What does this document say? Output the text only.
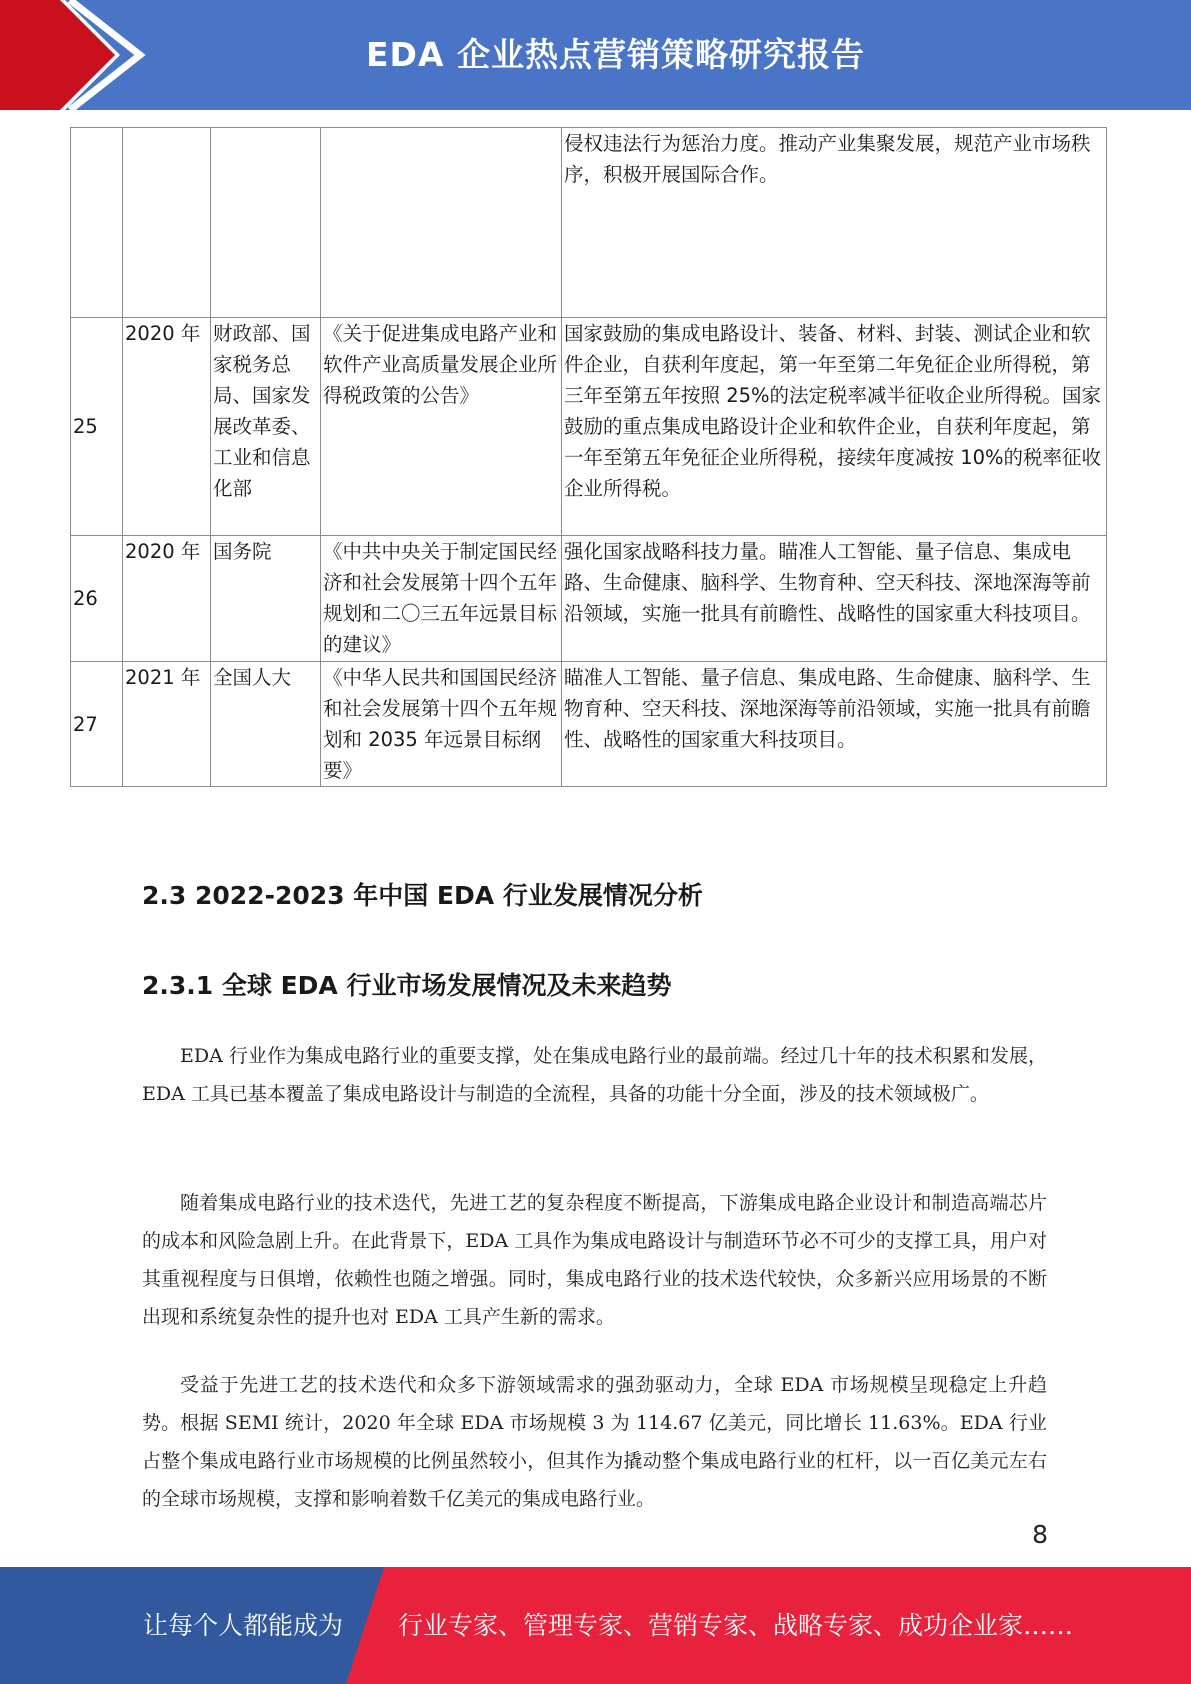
EDA 企业热点营销策略研究报告
				侵权违法行为惩治力度。推动产业集聚发展，规范产业市场秩序，积极开展国际合作。
25	2020 年	财政部、国家税务总局、国家发展改革委、工业和信息化部	《关于促进集成电路产业和软件产业高质量发展企业所得税政策的公告》	国家鼓励的集成电路设计、装备、材料、封装、测试企业和软件企业，自获利年度起，第一年至第二年免征企业所得税，第三年至第五年按照 25%的法定税率减半征收企业所得税。国家鼓励的重点集成电路设计企业和软件企业，自获利年度起，第一年至第五年免征企业所得税，接续年度减按 10%的税率征收企业所得税。
26	2020 年	国务院	《中共中央关于制定国民经济和社会发展第十四个五年规划和二〇三五年远景目标的建议》	强化国家战略科技力量。瞄准人工智能、量子信息、集成电路、生命健康、脑科学、生物育种、空天科技、深地深海等前沿领域，实施一批具有前瞻性、战略性的国家重大科技项目。
27	2021 年	全国人大	《中华人民共和国国民经济和社会发展第十四个五年规划和 2035 年远景目标纲要》	瞄准人工智能、量子信息、集成电路、生命健康、脑科学、生物育种、空天科技、深地深海等前沿领域，实施一批具有前瞻性、战略性的国家重大科技项目。
2.3 2022-2023 年中国 EDA 行业发展情况分析
2.3.1 全球 EDA 行业市场发展情况及未来趋势

EDA 行业作为集成电路行业的重要支撑，处在集成电路行业的最前端。经过几十年的技术积累和发展，EDA 工具已基本覆盖了集成电路设计与制造的全流程，具备的功能十分全面，涉及的技术领域极广。

随着集成电路行业的技术迭代，先进工艺的复杂程度不断提高，下游集成电路企业设计和制造高端芯片的成本和风险急剧上升。在此背景下，EDA 工具作为集成电路设计与制造环节必不可少的支撑工具，用户对其重视程度与日俱增，依赖性也随之增强。同时，集成电路行业的技术迭代较快，众多新兴应用场景的不断出现和系统复杂性的提升也对 EDA 工具产生新的需求。

受益于先进工艺的技术迭代和众多下游领域需求的强劲驱动力，全球 EDA 市场规模呈现稳定上升趋势。根据 SEMI 统计，2020 年全球 EDA 市场规模 3 为 114.67 亿美元，同比增长 11.63%。EDA 行业占整个集成电路行业市场规模的比例虽然较小，但其作为撬动整个集成电路行业的杠杆，以一百亿美元左右的全球市场规模，支撑和影响着数千亿美元的集成电路行业。

8
让每个人都能成为 行业专家、管理专家、营销专家、战略专家、成功企业家……
